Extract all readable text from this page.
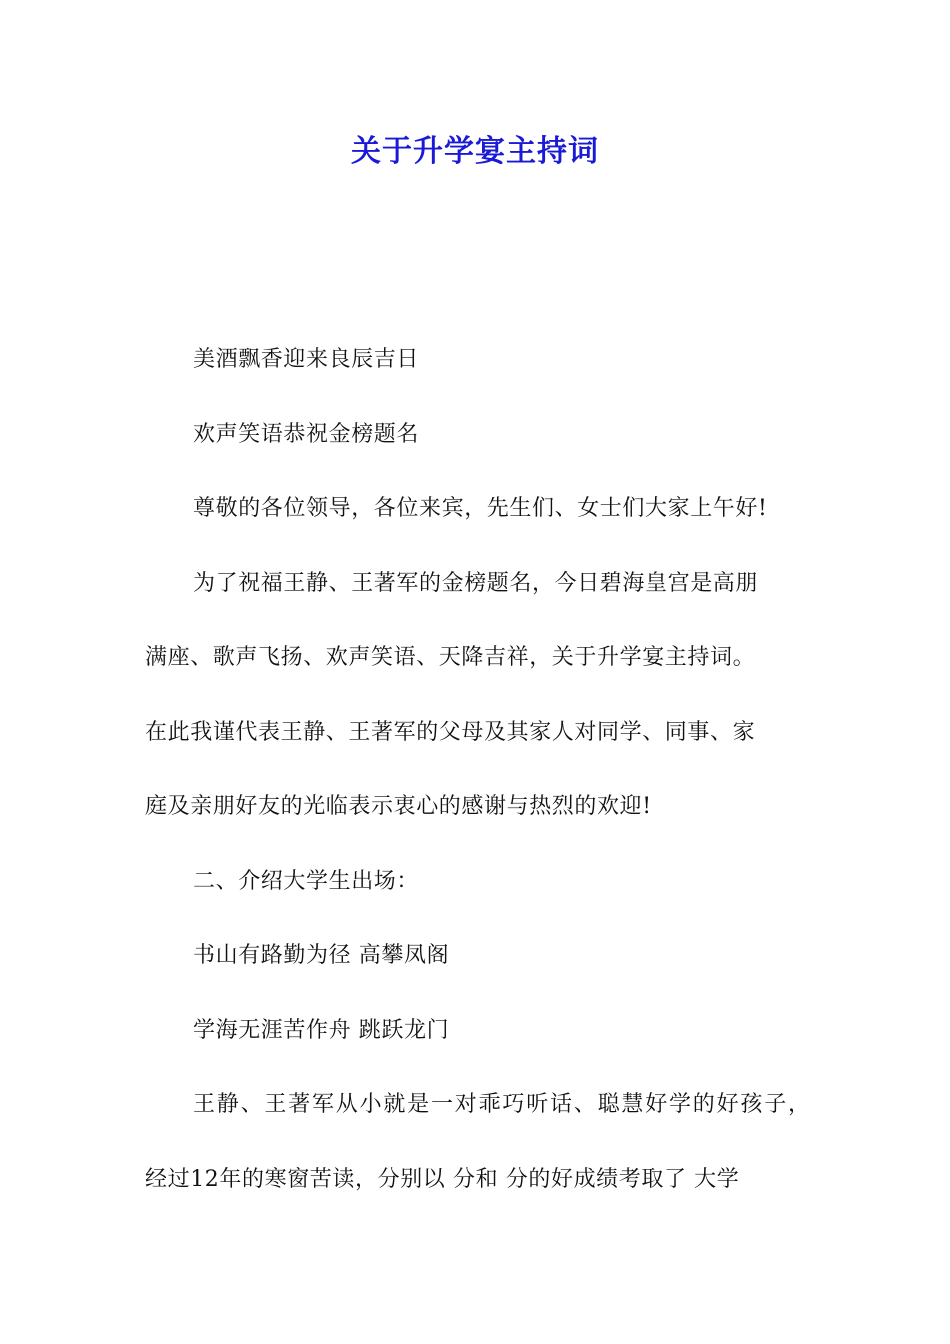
关于升学宴主持词
美酒飘香迎来良辰吉日
欢声笑语恭祝金榜题名
尊敬的各位领导，各位来宾，先生们、女士们大家上午好!
为了祝福王静、王著军的金榜题名，今日碧海皇宫是高朋
满座、歌声飞扬、欢声笑语、天降吉祥，关于升学宴主持词。
在此我谨代表王静、王著军的父母及其家人对同学、同事、家
庭及亲朋好友的光临表示衷心的感谢与热烈的欢迎!
二、介绍大学生出场：
书山有路勤为径 高攀凤阁
学海无涯苦作舟 跳跃龙门
王静、王著军从小就是一对乖巧听话、聪慧好学的好孩子，
经过12年的寒窗苦读，分别以 分和 分的好成绩考取了 大学
